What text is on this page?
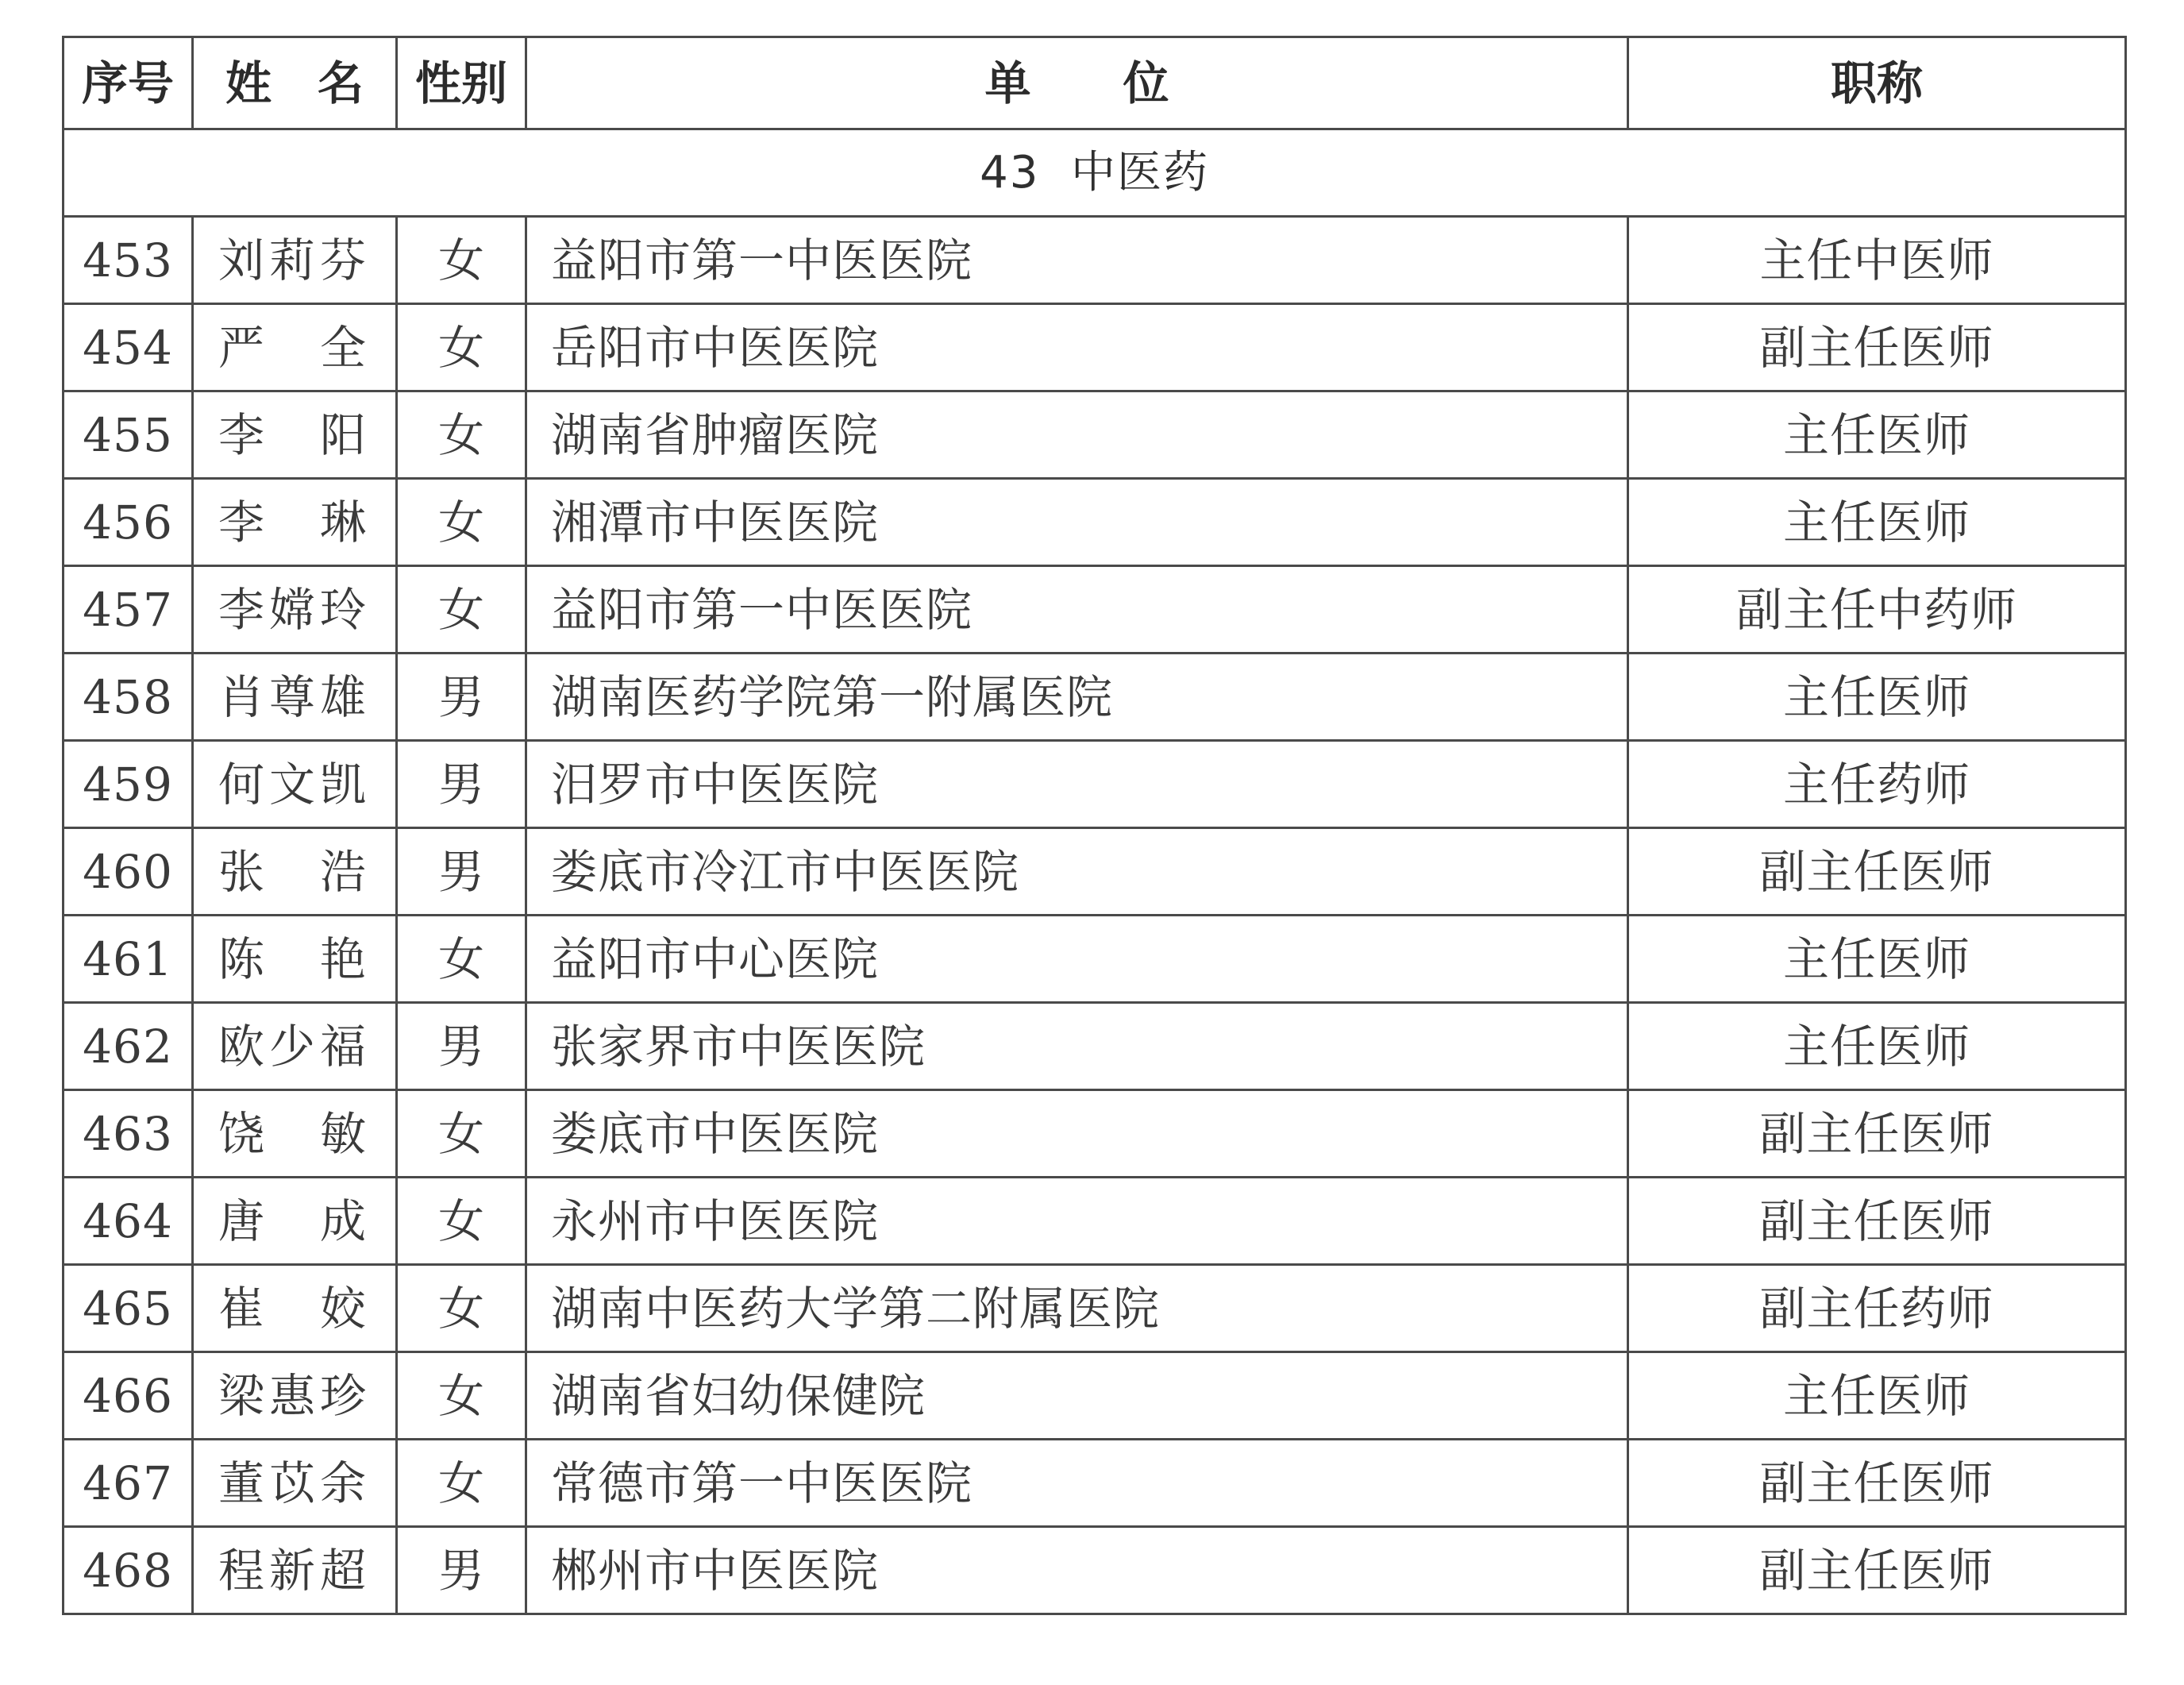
序号	姓　名	性别	单　　位	职称
43 中医药				
453	刘莉芬	女	益阳市第一中医医院	主任中医师
454	严　全	女	岳阳市中医医院	副主任医师
455	李　阳	女	湖南省肿瘤医院	主任医师
456	李　琳	女	湘潭市中医医院	主任医师
457	李嫦玲	女	益阳市第一中医医院	副主任中药师
458	肖尊雄	男	湖南医药学院第一附属医院	主任医师
459	何文凯	男	汨罗市中医医院	主任药师
460	张　浩	男	娄底市冷江市中医医院	副主任医师
461	陈　艳	女	益阳市中心医院	主任医师
462	欧少福	男	张家界市中医医院	主任医师
463	饶　敏	女	娄底市中医医院	副主任医师
464	唐　成	女	永州市中医医院	副主任医师
465	崔　姣	女	湖南中医药大学第二附属医院	副主任药师
466	梁惠珍	女	湖南省妇幼保健院	主任医师
467	董苡余	女	常德市第一中医医院	副主任医师
468	程新超	男	郴州市中医医院	副主任医师
